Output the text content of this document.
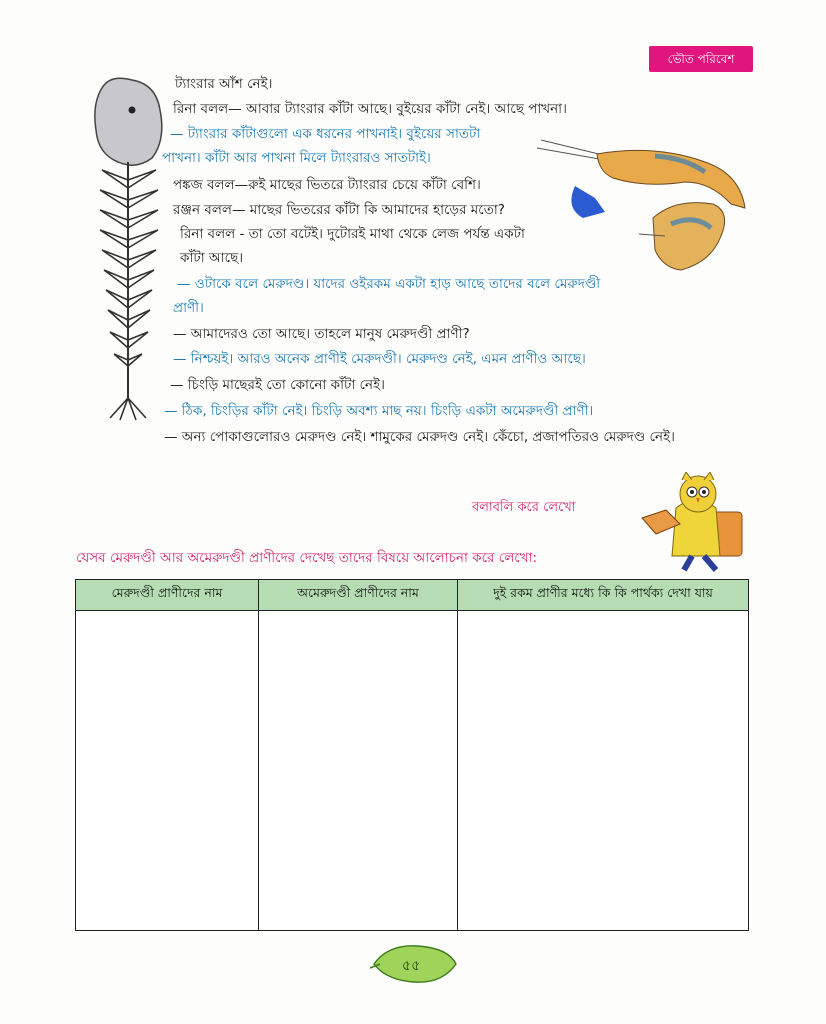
ভৌত পরিবেশ
ট্যাংরার আঁশ নেই।
রিনা বলল— আবার ট্যাংরার কাঁটা আছে। বুইয়ের কাঁটা নেই। আছে পাখনা।
— ট্যাংরার কাঁটাগুলো এক ধরনের পাখনাই। বুইয়ের সাতটা
পাখনা। কাঁটা আর পাখনা মিলে ট্যাংরারও সাতটাই।
পঙ্কজ বলল—রুই মাছের ভিতরে ট্যাংরার চেয়ে কাঁটা বেশি।
রঞ্জন বলল— মাছের ভিতরের কাঁটা কি আমাদের হাড়ের মতো?
রিনা বলল - তা তো বটেই। দুটোরই মাথা থেকে লেজ পর্যন্ত একটা
কাঁটা আছে।
— ওটাকে বলে মেরুদণ্ড। যাদের ওইরকম একটা হাড় আছে তাদের বলে মেরুদণ্ডী
প্রাণী।
— আমাদেরও তো আছে। তাহলে মানুষ মেরুদণ্ডী প্রাণী?
— নিশ্চয়ই। আরও অনেক প্রাণীই মেরুদণ্ডী। মেরুদণ্ড নেই, এমন প্রাণীও আছে।
— চিংড়ি মাছেরই তো কোনো কাঁটা নেই।
— ঠিক, চিংড়ির কাঁটা নেই। চিংড়ি অবশ্য মাছ নয়। চিংড়ি একটা অমেরুদণ্ডী প্রাণী।
— অন্য পোকাগুলোরও মেরুদণ্ড নেই। শামুকের মেরুদণ্ড নেই। কেঁচো, প্রজাপতিরও মেরুদণ্ড নেই।
বলাবলি করে লেখো
যেসব মেরুদণ্ডী আর অমেরুদণ্ডী প্রাণীদের দেখেছ তাদের বিষয়ে আলোচনা করে লেখো:
মেরুদণ্ডী প্রাণীদের নাম	অমেরুদণ্ডী প্রাণীদের নাম	দুই রকম প্রাণীর মধ্যে কি কি পার্থক্য দেখা যায়

৫৫
